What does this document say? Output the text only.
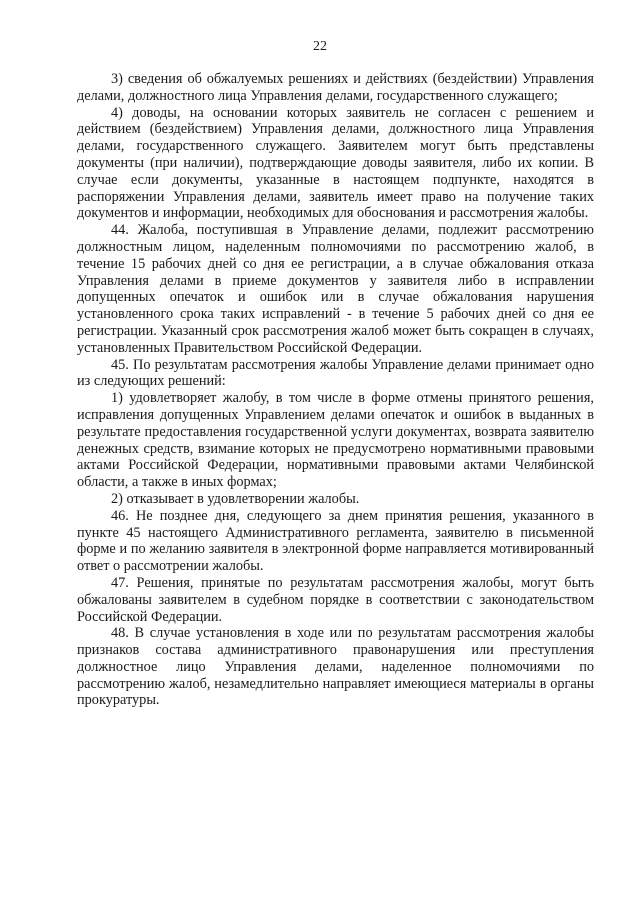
22

3) сведения об обжалуемых решениях и действиях (бездействии) Управления делами, должностного лица Управления делами, государственного служащего;

4) доводы, на основании которых заявитель не согласен с решением и действием (бездействием) Управления делами, должностного лица Управления делами, государственного служащего. Заявителем могут быть представлены документы (при наличии), подтверждающие доводы заявителя, либо их копии. В случае если документы, указанные в настоящем подпункте, находятся в распоряжении Управления делами, заявитель имеет право на получение таких документов и информации, необходимых для обоснования и рассмотрения жалобы.

44. Жалоба, поступившая в Управление делами, подлежит рассмотрению должностным лицом, наделенным полномочиями по рассмотрению жалоб, в течение 15 рабочих дней со дня ее регистрации, а в случае обжалования отказа Управления делами в приеме документов у заявителя либо в исправлении допущенных опечаток и ошибок или в случае обжалования нарушения установленного срока таких исправлений - в течение 5 рабочих дней со дня ее регистрации. Указанный срок рассмотрения жалоб может быть сокращен в случаях, установленных Правительством Российской Федерации.

45. По результатам рассмотрения жалобы Управление делами принимает одно из следующих решений:

1) удовлетворяет жалобу, в том числе в форме отмены принятого решения, исправления допущенных Управлением делами опечаток и ошибок в выданных в результате предоставления государственной услуги документах, возврата заявителю денежных средств, взимание которых не предусмотрено нормативными правовыми актами Российской Федерации, нормативными правовыми актами Челябинской области, а также в иных формах;

2) отказывает в удовлетворении жалобы.

46. Не позднее дня, следующего за днем принятия решения, указанного в пункте 45 настоящего Административного регламента, заявителю в письменной форме и по желанию заявителя в электронной форме направляется мотивированный ответ о рассмотрении жалобы.

47. Решения, принятые по результатам рассмотрения жалобы, могут быть обжалованы заявителем в судебном порядке в соответствии с законодательством Российской Федерации.

48. В случае установления в ходе или по результатам рассмотрения жалобы признаков состава административного правонарушения или преступления должностное лицо Управления делами, наделенное полномочиями по рассмотрению жалоб, незамедлительно направляет имеющиеся материалы в органы прокуратуры.
